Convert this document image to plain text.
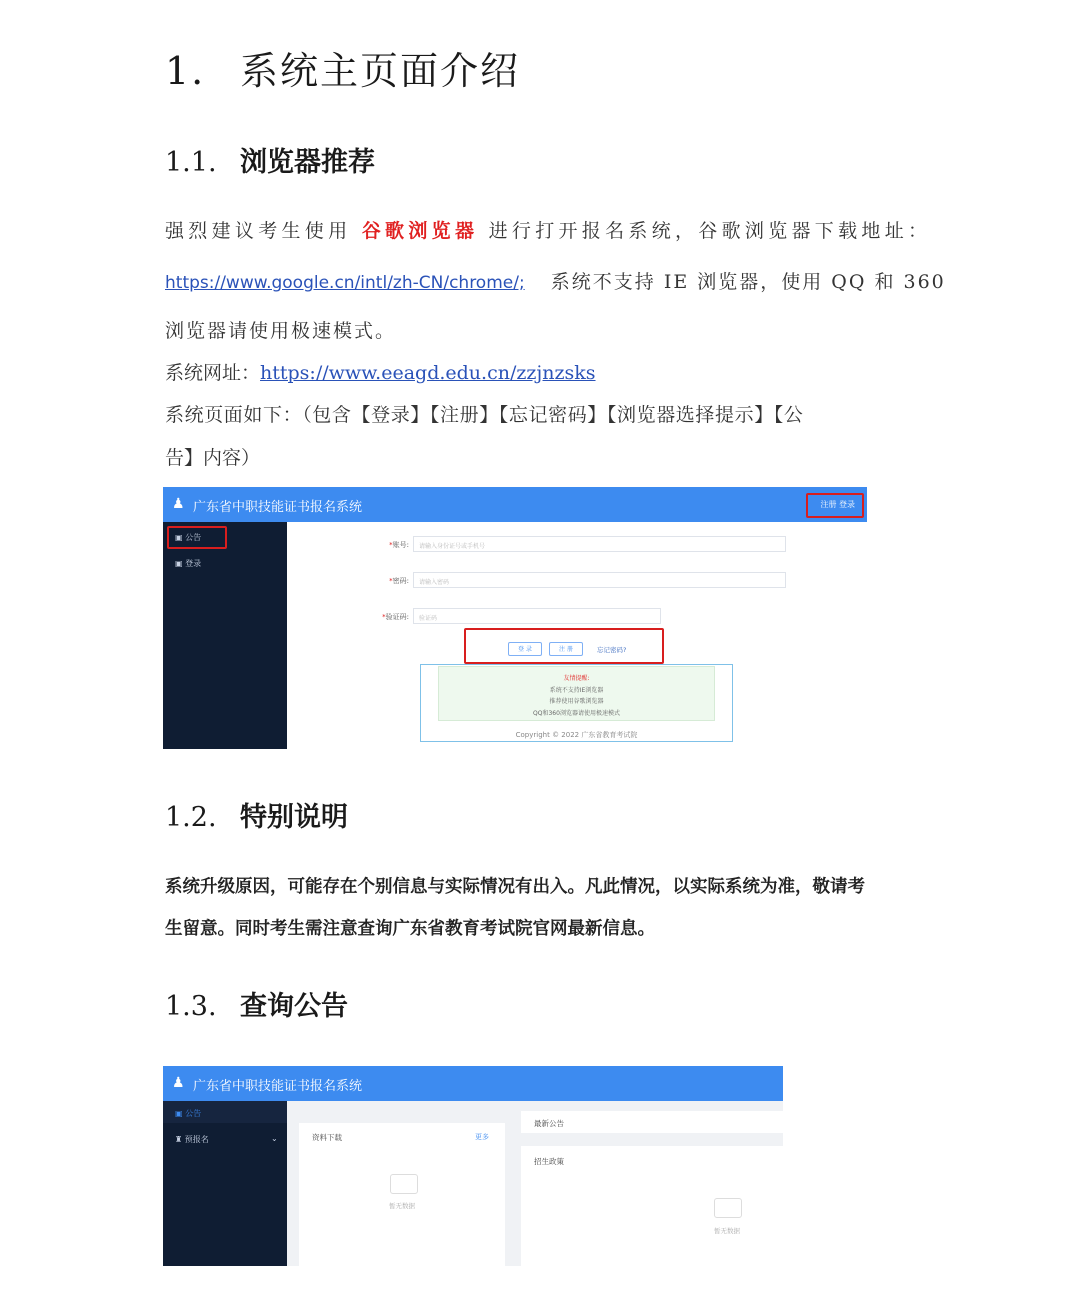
1. 系统主页面介绍
1.1. 浏览器推荐
强烈建议考生使用 谷歌浏览器 进行打开报名系统，谷歌浏览器下载地址：
https://www.google.cn/intl/zh-CN/chrome/; 系统不支持 IE 浏览器，使用 QQ 和 360
浏览器请使用极速模式。
系统网址：https://www.eeagd.edu.cn/zzjnzsks
系统页面如下：（包含【登录】【注册】【忘记密码】【浏览器选择提示】【公
告】内容）
♟ 广东省中职技能证书报名系统	注册 登录
▣ 公告
▣ 登录
*账号:	请输入身份证号或手机号
*密码:	请输入密码
*验证码:	验证码
登 录	注 册	忘记密码?
友情提醒:
系统不支持IE浏览器
推荐使用谷歌浏览器
QQ和360浏览器请使用极速模式
Copyright © 2022 广东省教育考试院
1.2. 特别说明
系统升级原因，可能存在个别信息与实际情况有出入。凡此情况，以实际系统为准，敬请考
生留意。同时考生需注意查询广东省教育考试院官网最新信息。
1.3. 查询公告
♟ 广东省中职技能证书报名系统
▣ 公告
♜ 预报名	⌄	资料下载	更多
暂无数据
最新公告
招生政策
暂无数据
